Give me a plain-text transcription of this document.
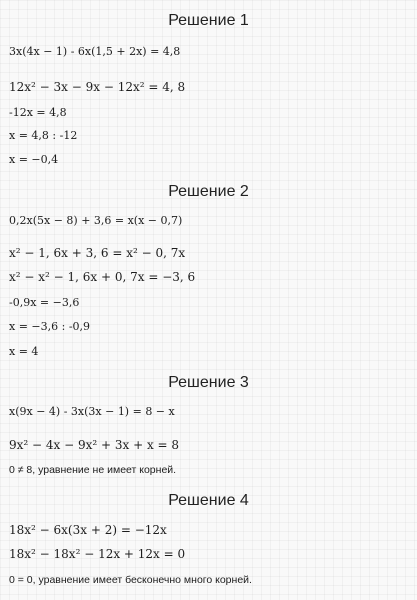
Решение 1
3x(4x − 1) - 6x(1,5 + 2x) = 4,8
12x² − 3x − 9x − 12x² = 4, 8
-12x = 4,8
x = 4,8 : -12
x = −0,4
Решение 2
0,2x(5x − 8) + 3,6 = x(x − 0,7)
x² − 1, 6x + 3, 6 = x² − 0, 7x
x² − x² − 1, 6x + 0, 7x = −3, 6
-0,9x = −3,6
x = −3,6 : -0,9
x = 4
Решение 3
x(9x − 4) - 3x(3x − 1) = 8 − x
9x² − 4x − 9x² + 3x + x = 8
0 ≠ 8, уравнение не имеет корней.
Решение 4
18x² − 6x(3x + 2) = −12x
18x² − 18x² − 12x + 12x = 0
0 = 0, уравнение имеет бесконечно много корней.
